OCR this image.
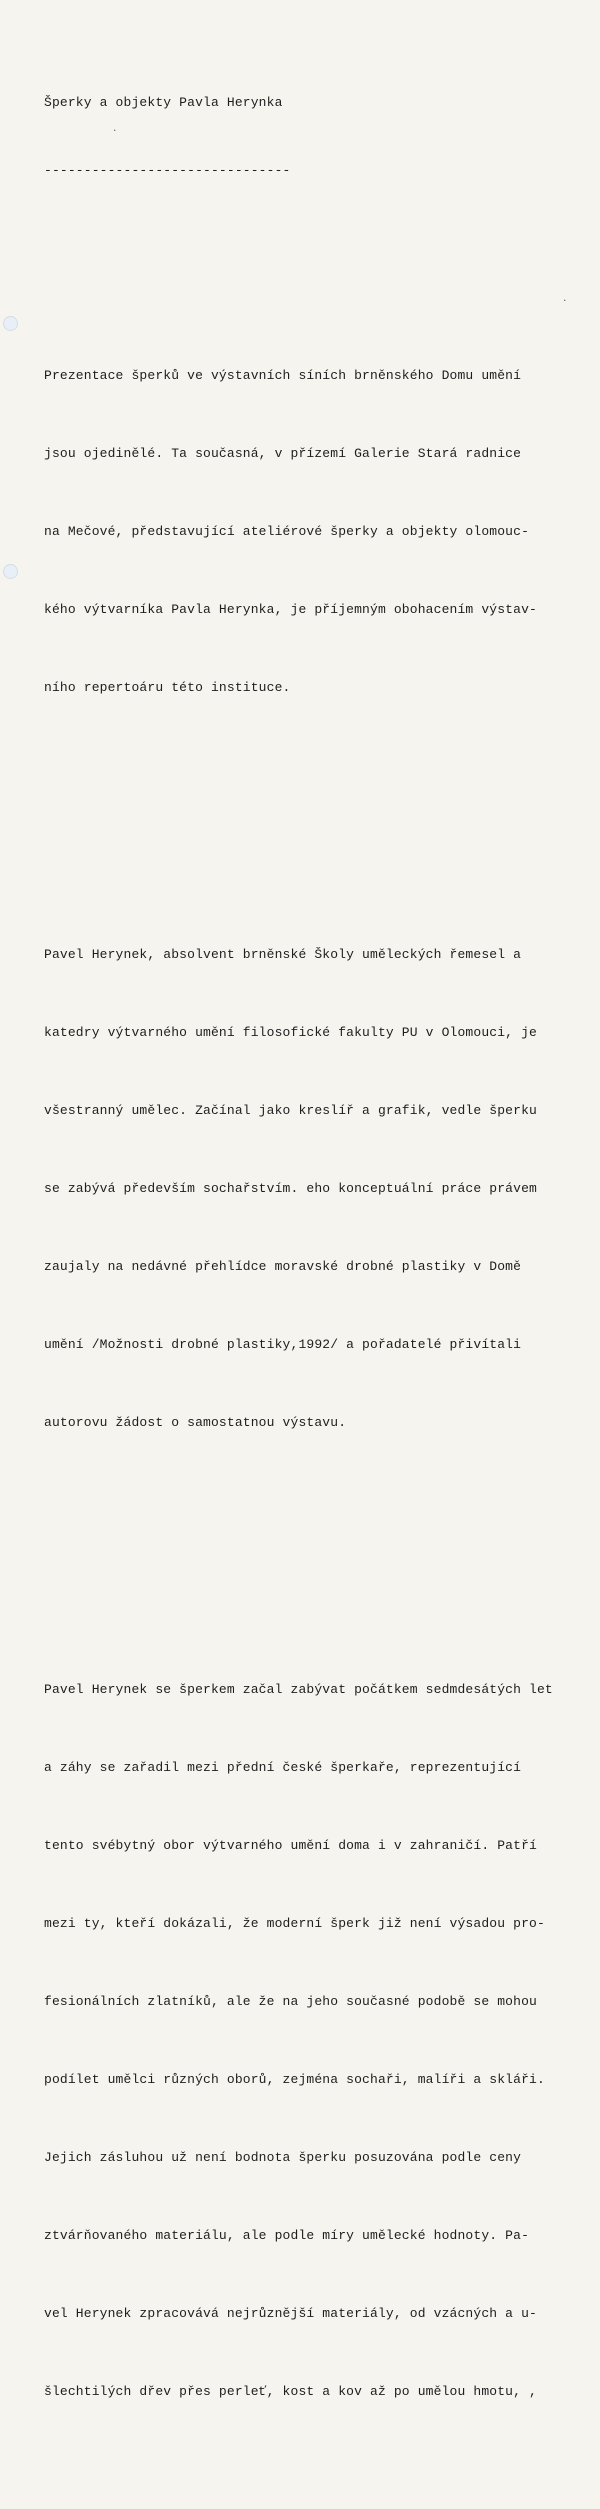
Šperky a objekty Pavla Herynka

-------------------------------

Prezentace šperků ve výstavních síních brněnského Domu umění

jsou ojedinělé. Ta současná, v přízemí Galerie Stará radnice

na Mečové, představující ateliérové šperky a objekty olomouc-

kého výtvarníka Pavla Herynka, je příjemným obohacením výstav-

ního repertoáru této instituce.

Pavel Herynek, absolvent brněnské Školy uměleckých řemesel a

katedry výtvarného umění filosofické fakulty PU v Olomouci, je

všestranný umělec. Začínal jako kreslíř a grafik, vedle šperku

se zabývá především sochařstvím. ehо konceptuální práce právem

zaujaly na nedávné přehlídce moravské drobné plastiky v Domě

umění /Možnosti drobné plastiky,1992/ a pořadatelé přivítali

autorovu žádost o samostatnou výstavu.

Pavel Herynek se šperkem začal zabývat počátkem sedmdesátých let

a záhy se zařadil mezi přední české šperkaře, reprezentující

tento svébytný obor výtvarného umění doma i v zahraničí. Patří

mezi ty, kteří dokázali, že moderní šperk již není výsadou pro-

fesionálních zlatníků, ale že na jeho současné podobě se mohou

podílet umělci různých oborů, zejména sochaři, malíři a skláři.

Jejich zásluhou už není bodnota šperku posuzována podle ceny

ztvárňovaného materiálu, ale podle míry umělecké hodnoty. Pa-

vel Herynek zpracovává nejrůznější materiály, od vzácných a u-

šlechtilých dřev přes perleť, kost a kov až po umělou hmotu, ,

·
·
